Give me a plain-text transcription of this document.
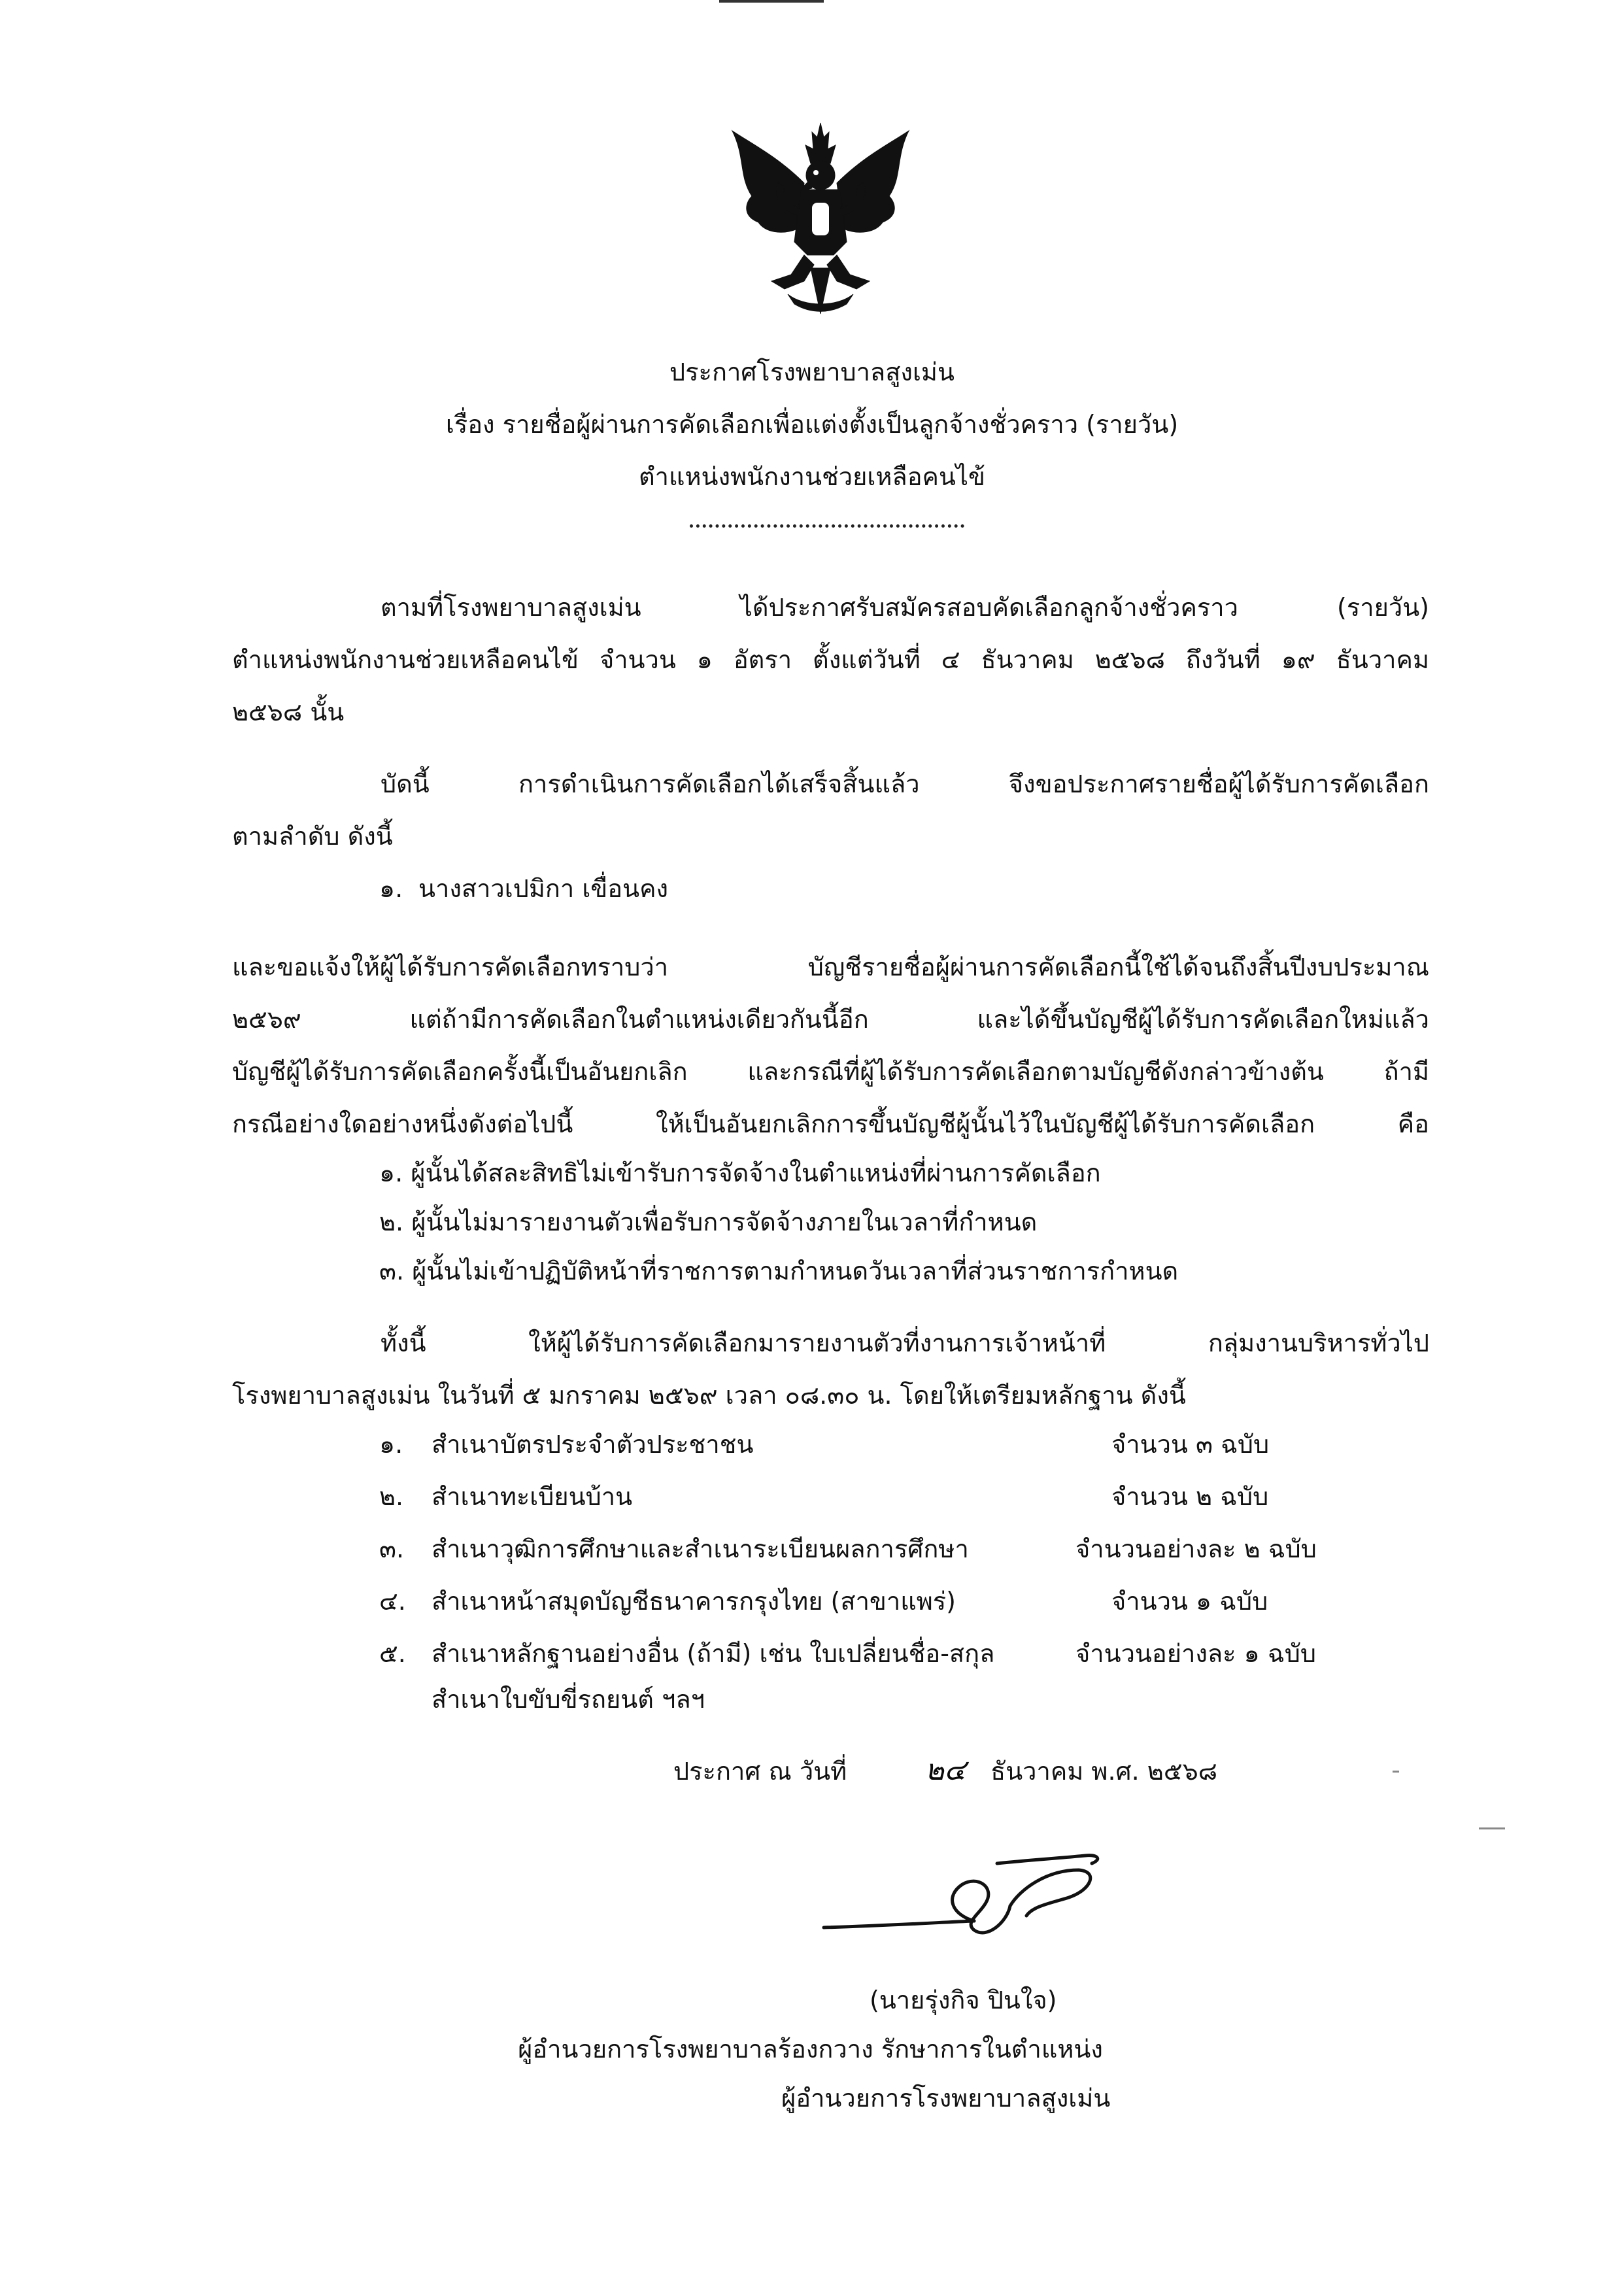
ประกาศโรงพยาบาลสูงเม่น
เรื่อง รายชื่อผู้ผ่านการคัดเลือกเพื่อแต่งตั้งเป็นลูกจ้างชั่วคราว (รายวัน)
ตำแหน่งพนักงานช่วยเหลือคนไข้
ตามที่โรงพยาบาลสูงเม่น ได้ประกาศรับสมัครสอบคัดเลือกลูกจ้างชั่วคราว (รายวัน)
ตำแหน่งพนักงานช่วยเหลือคนไข้ จำนวน ๑ อัตรา ตั้งแต่วันที่ ๔ ธันวาคม ๒๕๖๘ ถึงวันที่ ๑๙ ธันวาคม
๒๕๖๘ นั้น
บัดนี้ การดำเนินการคัดเลือกได้เสร็จสิ้นแล้ว จึงขอประกาศรายชื่อผู้ได้รับการคัดเลือก
ตามลำดับ ดังนี้
๑. นางสาวเปมิกา เขื่อนคง
และขอแจ้งให้ผู้ได้รับการคัดเลือกทราบว่า บัญชีรายชื่อผู้ผ่านการคัดเลือกนี้ใช้ได้จนถึงสิ้นปีงบประมาณ
๒๕๖๙ แต่ถ้ามีการคัดเลือกในตำแหน่งเดียวกันนี้อีก และได้ขึ้นบัญชีผู้ได้รับการคัดเลือกใหม่แล้ว
บัญชีผู้ได้รับการคัดเลือกครั้งนี้เป็นอันยกเลิก และกรณีที่ผู้ได้รับการคัดเลือกตามบัญชีดังกล่าวข้างต้น ถ้ามี
กรณีอย่างใดอย่างหนึ่งดังต่อไปนี้ ให้เป็นอันยกเลิกการขึ้นบัญชีผู้นั้นไว้ในบัญชีผู้ได้รับการคัดเลือก คือ
๑. ผู้นั้นได้สละสิทธิไม่เข้ารับการจัดจ้างในตำแหน่งที่ผ่านการคัดเลือก
๒. ผู้นั้นไม่มารายงานตัวเพื่อรับการจัดจ้างภายในเวลาที่กำหนด
๓. ผู้นั้นไม่เข้าปฏิบัติหน้าที่ราชการตามกำหนดวันเวลาที่ส่วนราชการกำหนด
ทั้งนี้ ให้ผู้ได้รับการคัดเลือกมารายงานตัวที่งานการเจ้าหน้าที่ กลุ่มงานบริหารทั่วไป
โรงพยาบาลสูงเม่น ในวันที่ ๕ มกราคม ๒๕๖๙ เวลา ๐๘.๓๐ น. โดยให้เตรียมหลักฐาน ดังนี้
๑. สำเนาบัตรประจำตัวประชาชน	จำนวน ๓ ฉบับ
๒. สำเนาทะเบียนบ้าน	จำนวน ๒ ฉบับ
๓. สำเนาวุฒิการศึกษาและสำเนาระเบียนผลการศึกษา	จำนวนอย่างละ ๒ ฉบับ
๔. สำเนาหน้าสมุดบัญชีธนาคารกรุงไทย (สาขาแพร่)	จำนวน ๑ ฉบับ
๕. สำเนาหลักฐานอย่างอื่น (ถ้ามี) เช่น ใบเปลี่ยนชื่อ-สกุล	จำนวนอย่างละ ๑ ฉบับ
สำเนาใบขับขี่รถยนต์ ฯลฯ
ประกาศ ณ วันที่	๒๔ ธันวาคม พ.ศ. ๒๕๖๘
(นายรุ่งกิจ ปินใจ)
ผู้อำนวยการโรงพยาบาลร้องกวาง รักษาการในตำแหน่ง
ผู้อำนวยการโรงพยาบาลสูงเม่น
